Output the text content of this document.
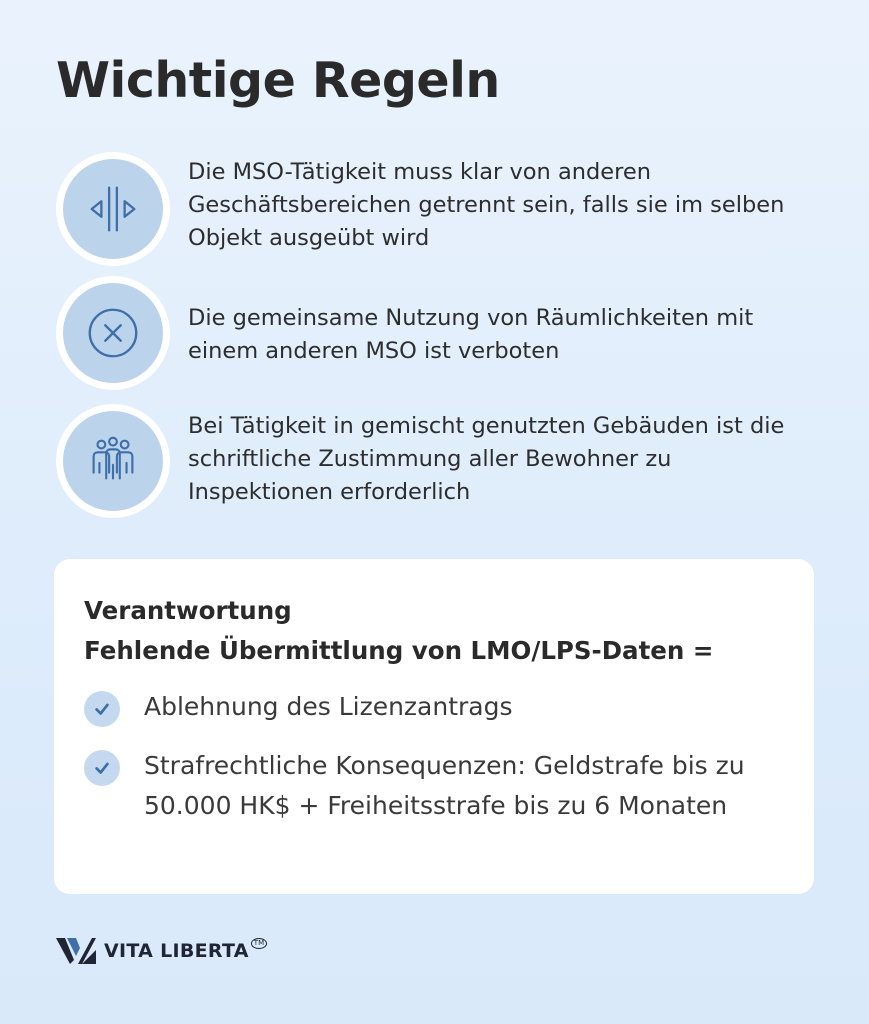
Wichtige Regeln
Die MSO-Tätigkeit muss klar von anderen Geschäftsbereichen getrennt sein, falls sie im selben Objekt ausgeübt wird
Die gemeinsame Nutzung von Räumlichkeiten mit einem anderen MSO ist verboten
Bei Tätigkeit in gemischt genutzten Gebäuden ist die schriftliche Zustimmung aller Bewohner zu Inspektionen erforderlich
Verantwortung
Fehlende Übermittlung von LMO/LPS-Daten =
Ablehnung des Lizenzantrags
Strafrechtliche Konsequenzen: Geldstrafe bis zu 50.000 HK$ + Freiheitsstrafe bis zu 6 Monaten
VITA LIBERTA TM
